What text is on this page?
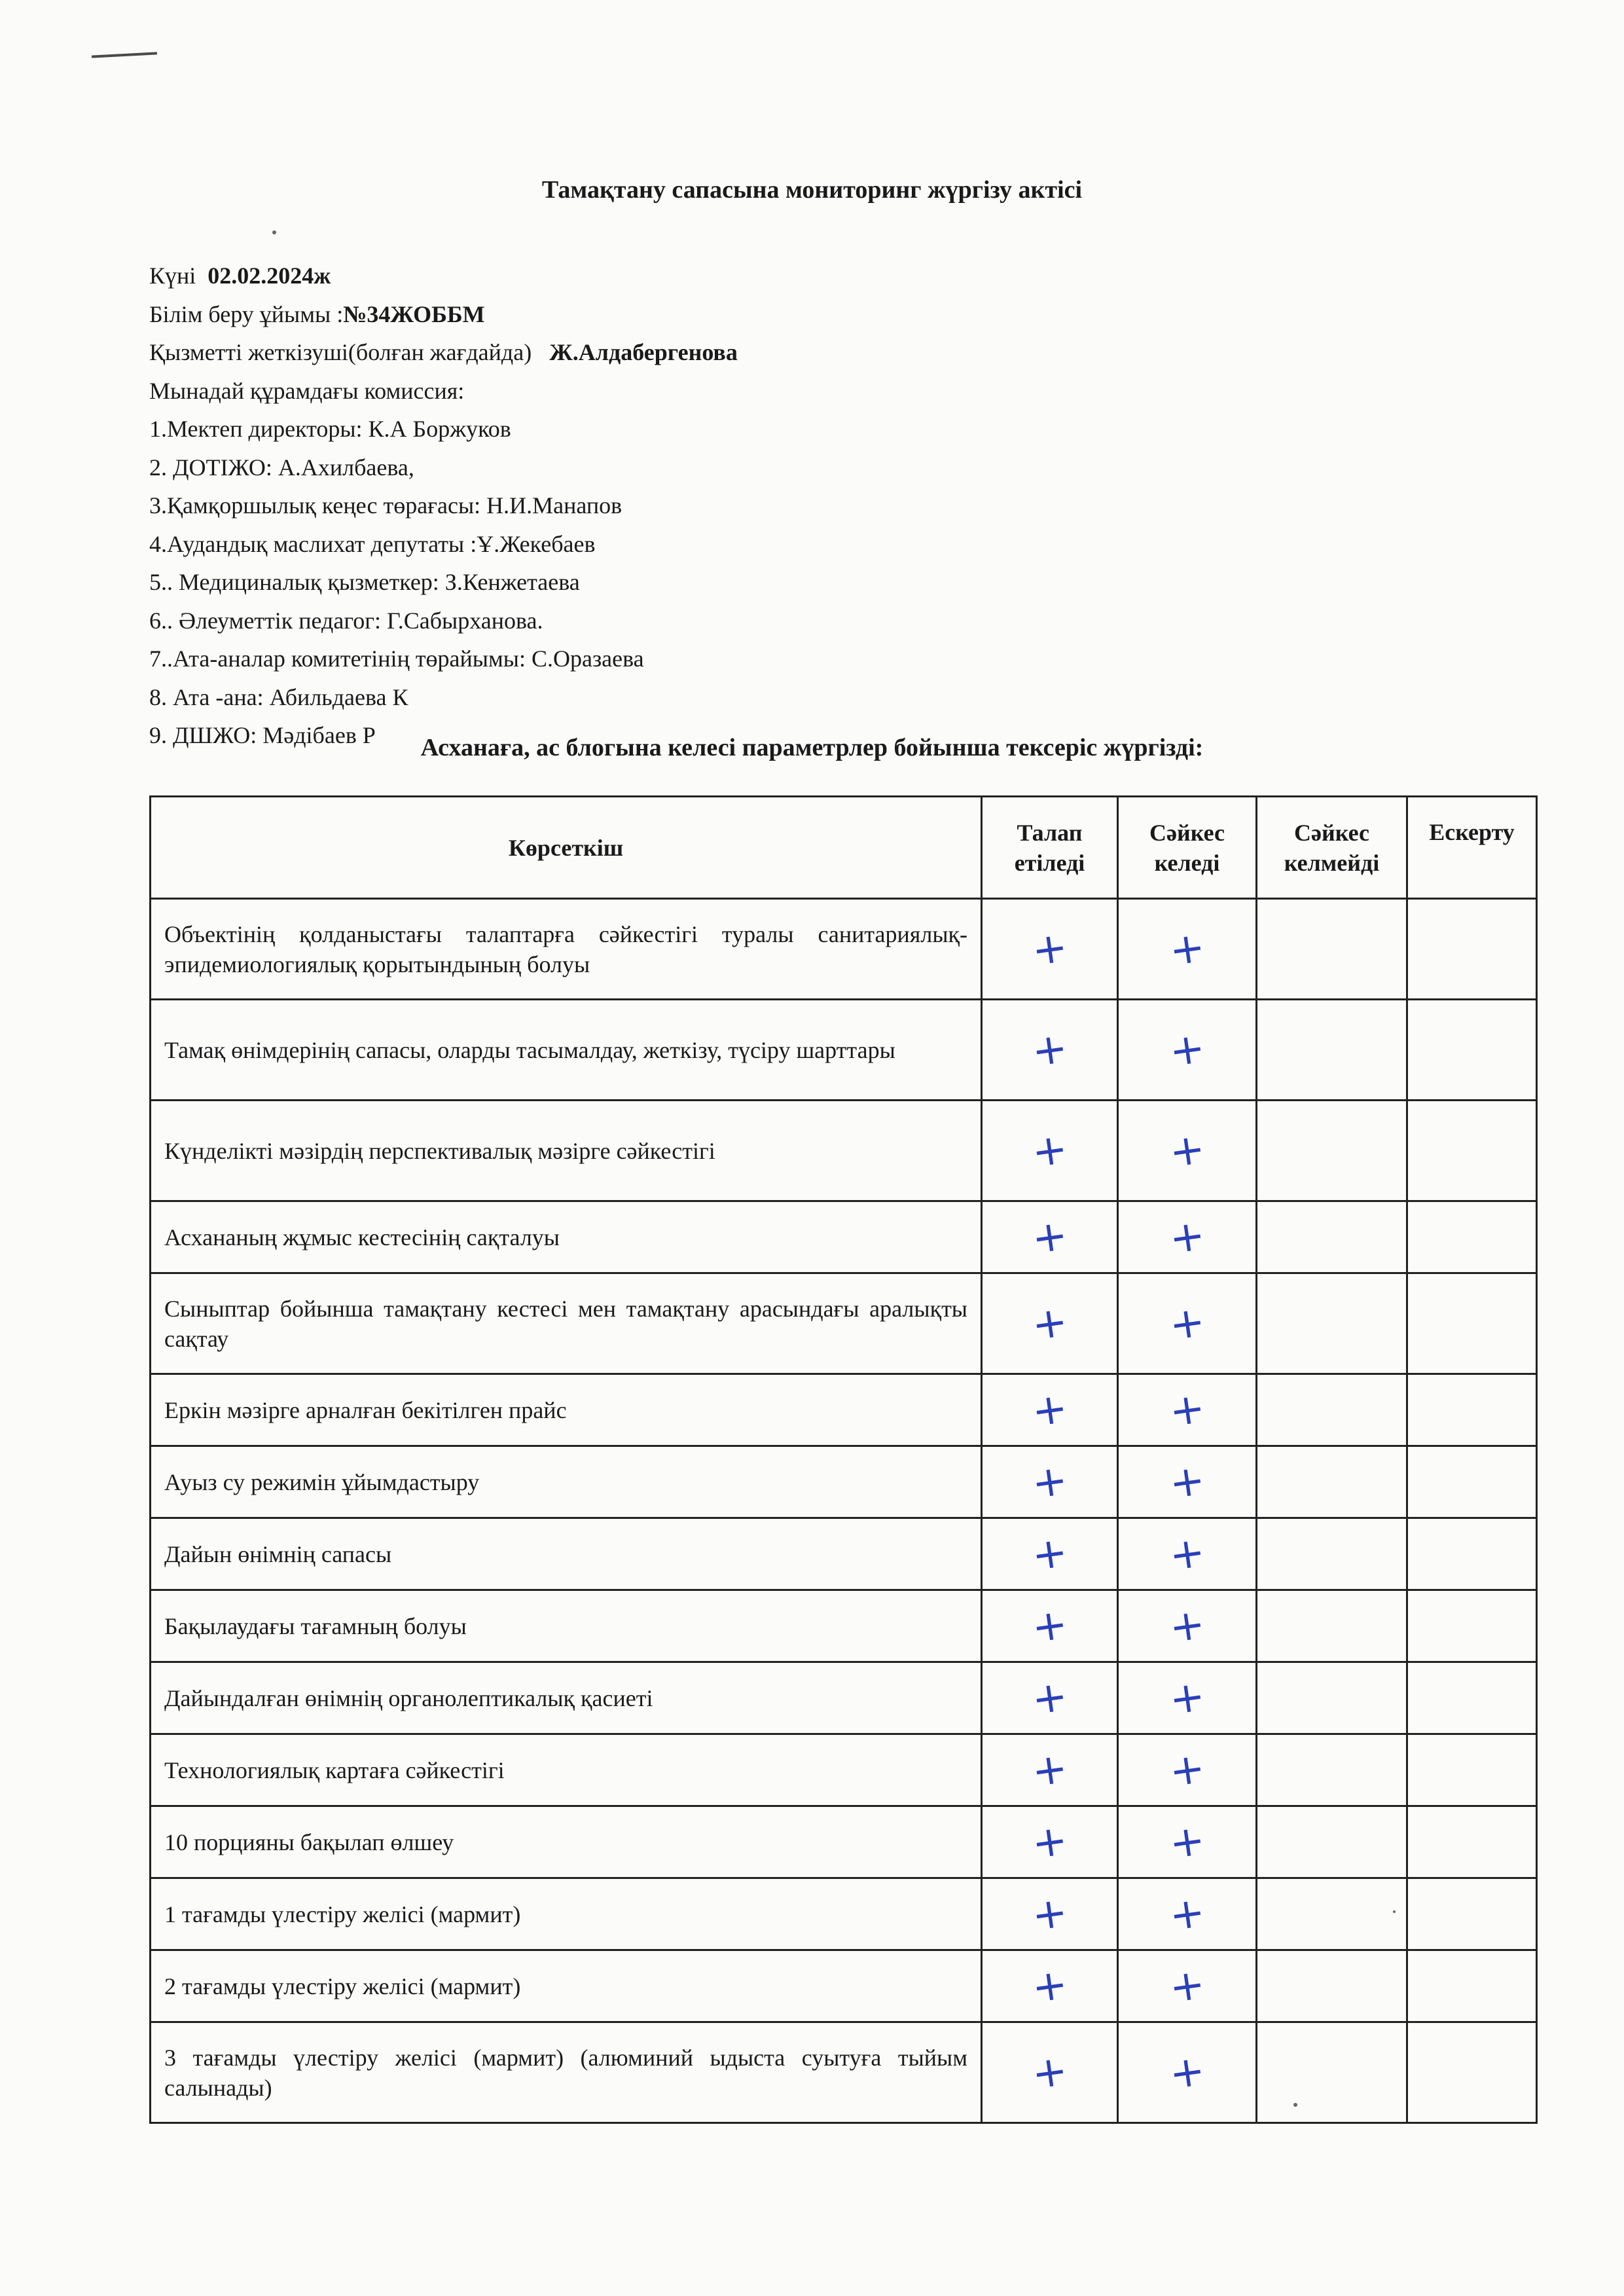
Тамақтану сапасына мониторинг жүргізу актісі
Күні 02.02.2024ж
Білім беру ұйымы :№34ЖОББМ
Қызметті жеткізуші(болған жағдайда) Ж.Алдабергенова
Мынадай құрамдағы комиссия:
1.Мектеп директоры: К.А Боржуков
2. ДОТІЖО: А.Ахилбаева,
3.Қамқоршылық кеңес төрағасы: Н.И.Манапов
4.Аудандық маслихат депутаты :Ұ.Жекебаев
5.. Медициналық қызметкер: З.Кенжетаева
6.. Әлеуметтік педагог: Г.Сабырханова.
7..Ата-аналар комитетінің төрайымы: С.Оразаева
8. Ата -ана: Абильдаева К
9. ДШЖО: Мәдібаев Р	Асханаға, ас блогына келесі параметрлер бойынша тексеріс жүргізді:
Көрсеткіш	Талап етіледі	Сәйкес келеді	Сәйкес келмейді	Ескерту
Объектінің қолданыстағы талаптарға сәйкестігі туралы санитариялық-эпидемиологиялық қорытындының болуы	+	+		
Тамақ өнімдерінің сапасы, оларды тасымалдау, жеткізу, түсіру шарттары	+	+		
Күнделікті мәзірдің перспективалық мәзірге сәйкестігі	+	+		
Асхананың жұмыс кестесінің сақталуы	+	+		
Сыныптар бойынша тамақтану кестесі мен тамақтану арасындағы аралықты сақтау	+	+		
Еркін мәзірге арналған бекітілген прайс	+	+		
Ауыз су режимін ұйымдастыру	+	+		
Дайын өнімнің сапасы	+	+		
Бақылаудағы тағамның болуы	+	+		
Дайындалған өнімнің органолептикалық қасиеті	+	+		
Технологиялық картаға сәйкестігі	+	+		
10 порцияны бақылап өлшеу	+	+		
1 тағамды үлестіру желісі (мармит)	+	+		
2 тағамды үлестіру желісі (мармит)	+	+		
3 тағамды үлестіру желісі (мармит) (алюминий ыдыста суытуға тыйым салынады)	+	+		
